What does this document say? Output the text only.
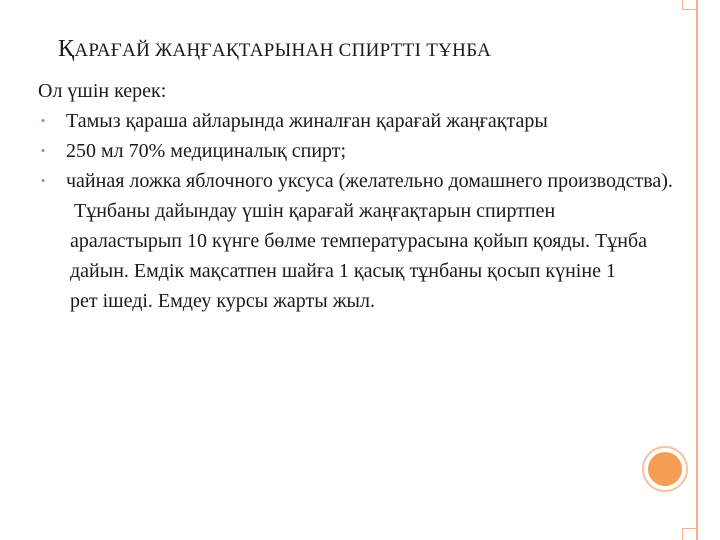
ҚАРАҒАЙ ЖАҢҒАҚТАРЫНАН СПИРТТІ ТҰНБА

Ол үшін керек:

• Тамыз қараша айларында жиналған қарағай жаңғақтары
• 250 мл 70% медициналық спирт;
• чайная ложка яблочного уксуса (желательно домашнего производства).

Тұнбаны дайындау үшін қарағай жаңғақтарын спиртпен араластырып 10 күнге бөлме температурасына қойып қояды. Тұнба дайын. Емдік мақсатпен шайға 1 қасық тұнбаны қосып күніне 1 рет ішеді. Емдеу курсы жарты жыл.
